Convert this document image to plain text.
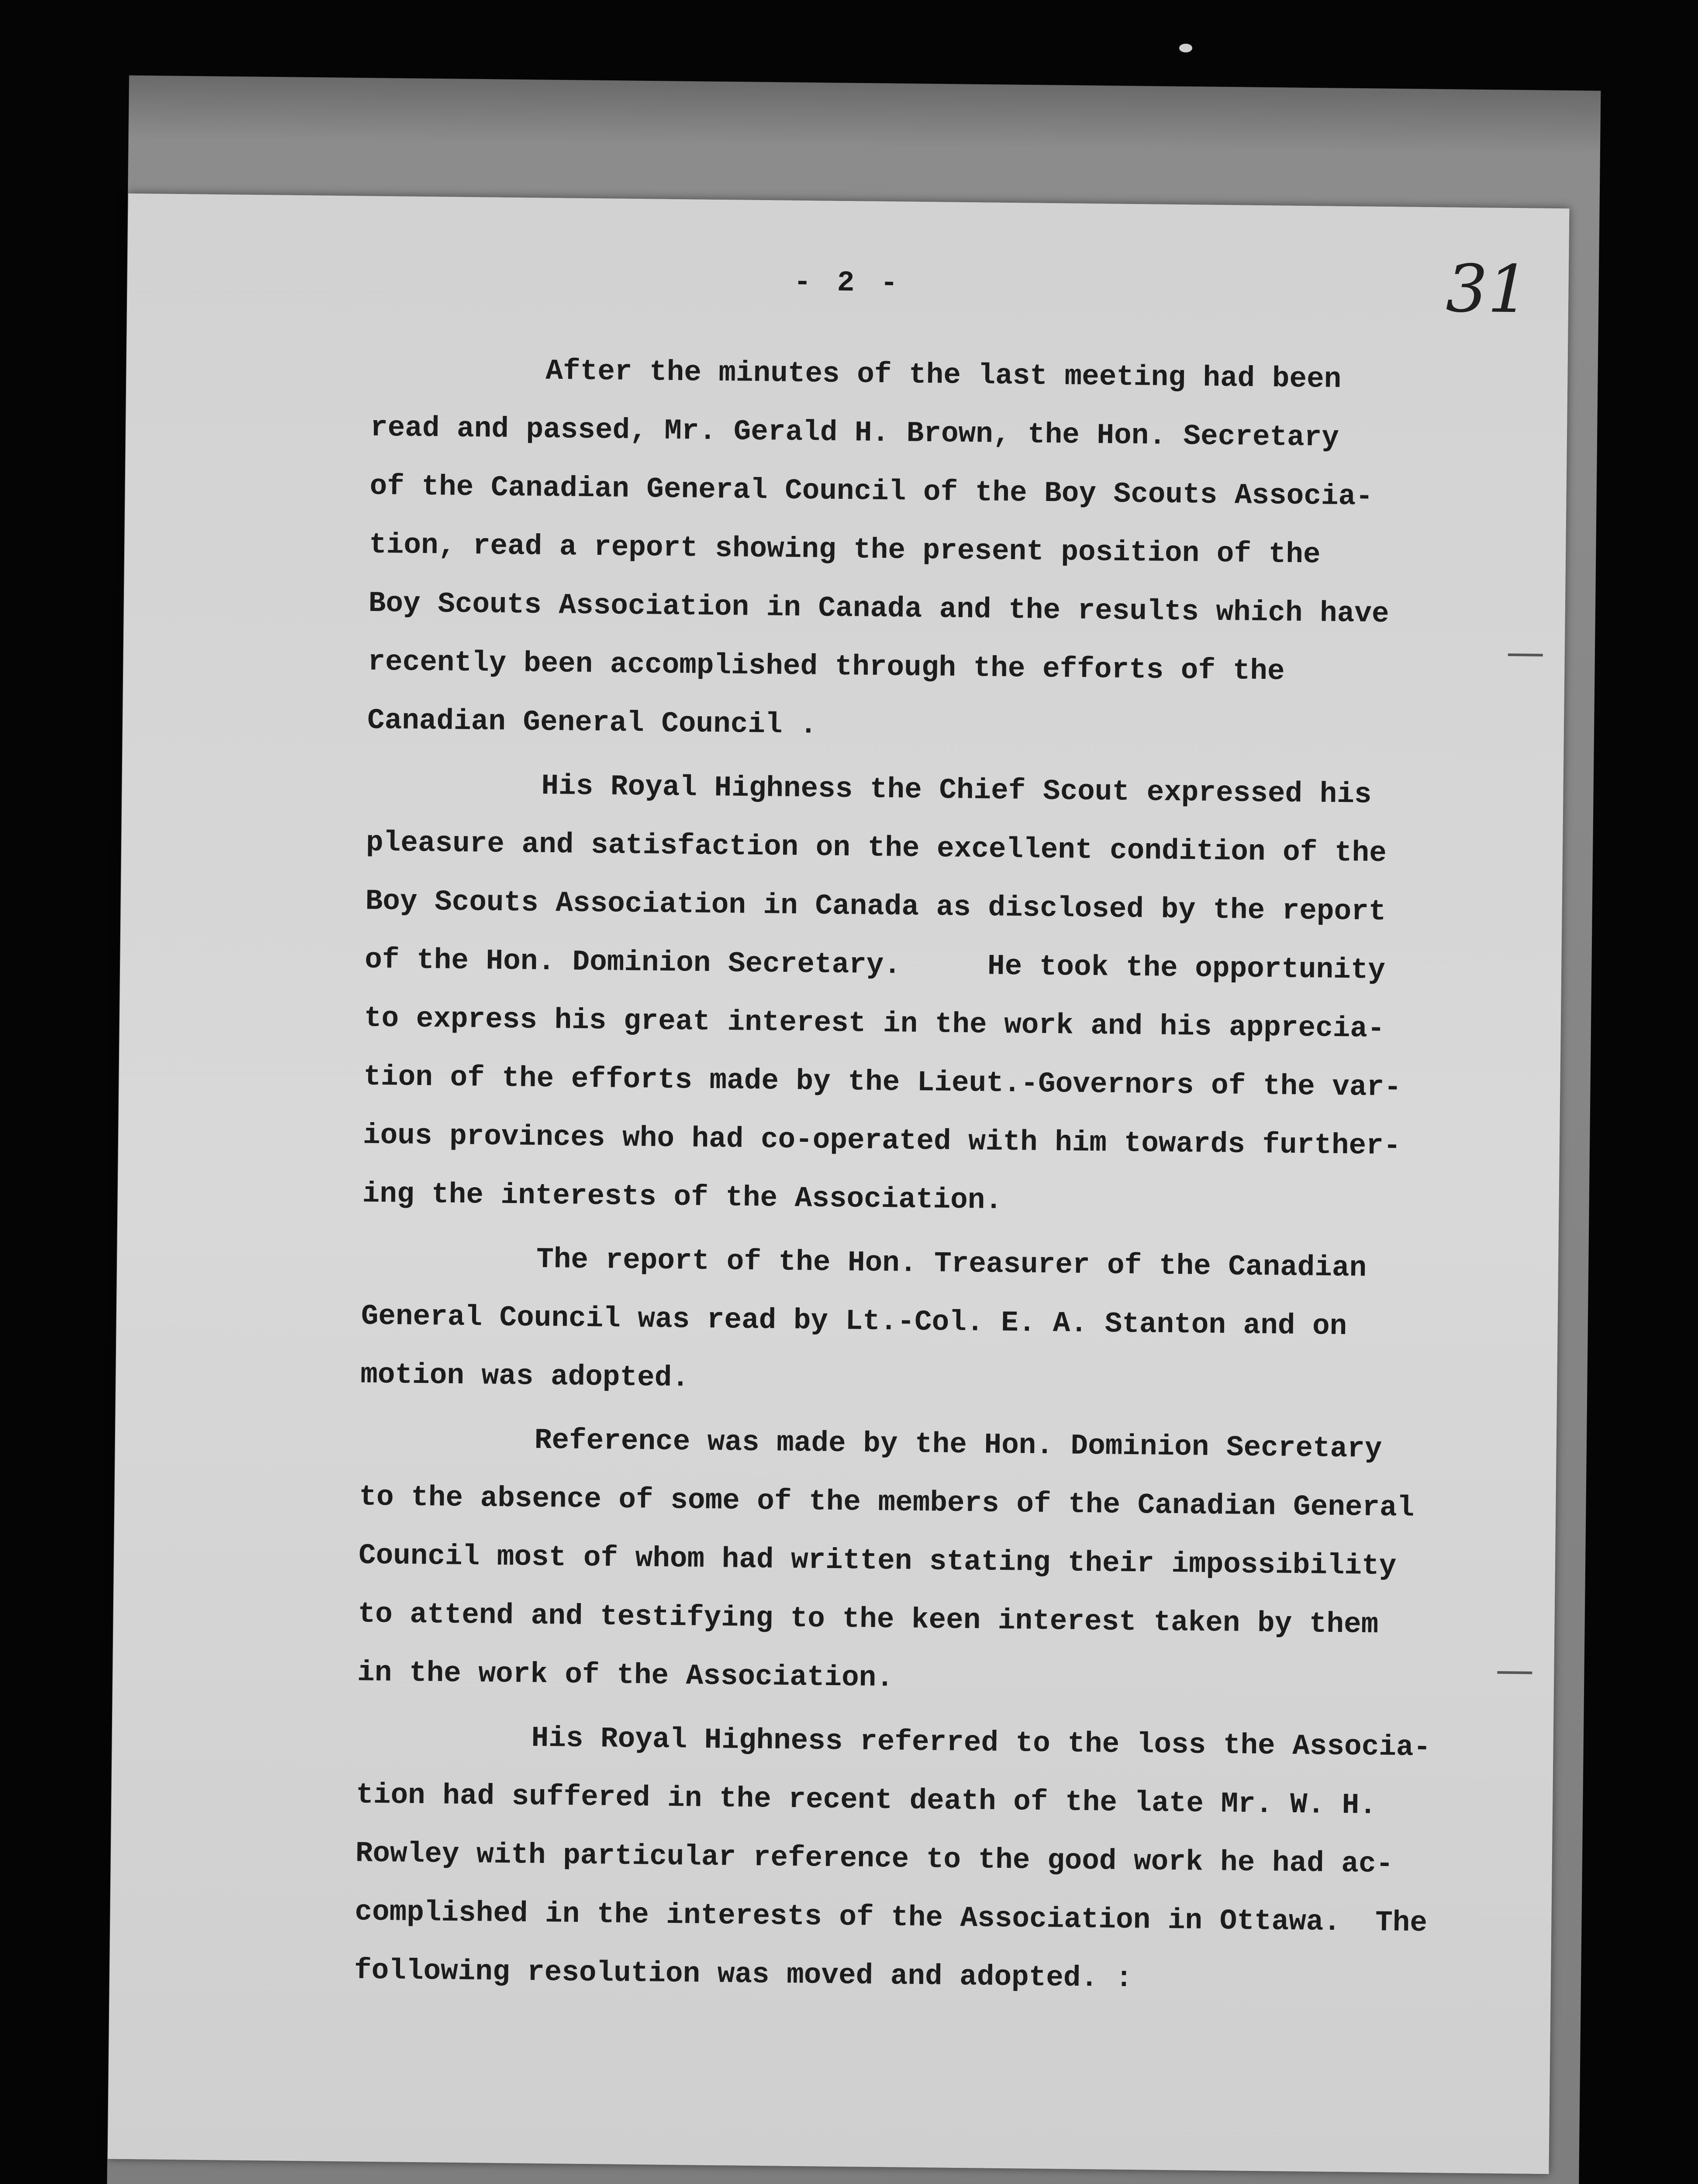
- 2 -	31
After the minutes of the last meeting had been
read and passed, Mr. Gerald H. Brown, the Hon. Secretary
of the Canadian General Council of the Boy Scouts Associa-
tion, read a report showing the present position of the
Boy Scouts Association in Canada and the results which have
recently been accomplished through the efforts of the
Canadian General Council .
His Royal Highness the Chief Scout expressed his
pleasure and satisfaction on the excellent condition of the
Boy Scouts Association in Canada as disclosed by the report
of the Hon. Dominion Secretary.     He took the opportunity
to express his great interest in the work and his apprecia-
tion of the efforts made by the Lieut.-Governors of the var-
ious provinces who had co-operated with him towards further-
ing the interests of the Association.
The report of the Hon. Treasurer of the Canadian
General Council was read by Lt.-Col. E. A. Stanton and on
motion was adopted.
Reference was made by the Hon. Dominion Secretary
to the absence of some of the members of the Canadian General
Council most of whom had written stating their impossibility
to attend and testifying to the keen interest taken by them
in the work of the Association.
His Royal Highness referred to the loss the Associa-
tion had suffered in the recent death of the late Mr. W. H.
Rowley with particular reference to the good work he had ac-
complished in the interests of the Association in Ottawa.  The
following resolution was moved and adopted. :
